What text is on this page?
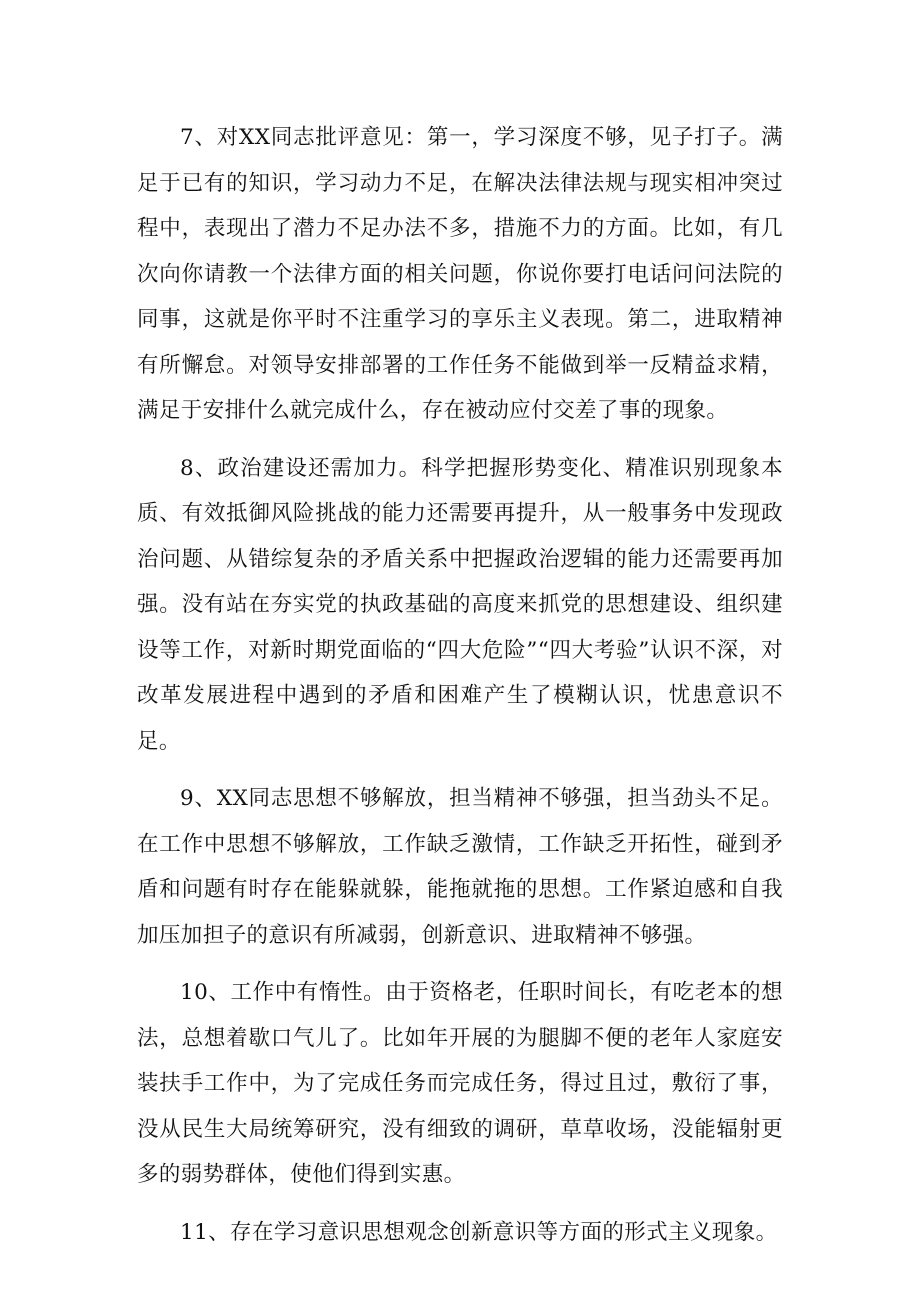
7、对XX同志批评意见：第一，学习深度不够，见子打子。满足于已有的知识，学习动力不足，在解决法律法规与现实相冲突过程中，表现出了潜力不足办法不多，措施不力的方面。比如，有几次向你请教一个法律方面的相关问题，你说你要打电话问问法院的同事，这就是你平时不注重学习的享乐主义表现。第二，进取精神有所懈怠。对领导安排部署的工作任务不能做到举一反精益求精，满足于安排什么就完成什么，存在被动应付交差了事的现象。

8、政治建设还需加力。科学把握形势变化、精准识别现象本质、有效抵御风险挑战的能力还需要再提升，从一般事务中发现政治问题、从错综复杂的矛盾关系中把握政治逻辑的能力还需要再加强。没有站在夯实党的执政基础的高度来抓党的思想建设、组织建设等工作，对新时期党面临的“四大危险”“四大考验”认识不深，对改革发展进程中遇到的矛盾和困难产生了模糊认识，忧患意识不足。

9、XX同志思想不够解放，担当精神不够强，担当劲头不足。在工作中思想不够解放，工作缺乏激情，工作缺乏开拓性，碰到矛盾和问题有时存在能躲就躲，能拖就拖的思想。工作紧迫感和自我加压加担子的意识有所减弱，创新意识、进取精神不够强。

10、工作中有惰性。由于资格老，任职时间长，有吃老本的想法，总想着歇口气儿了。比如年开展的为腿脚不便的老年人家庭安装扶手工作中，为了完成任务而完成任务，得过且过，敷衍了事，没从民生大局统筹研究，没有细致的调研，草草收场，没能辐射更多的弱势群体，使他们得到实惠。

11、存在学习意识思想观念创新意识等方面的形式主义现象。
